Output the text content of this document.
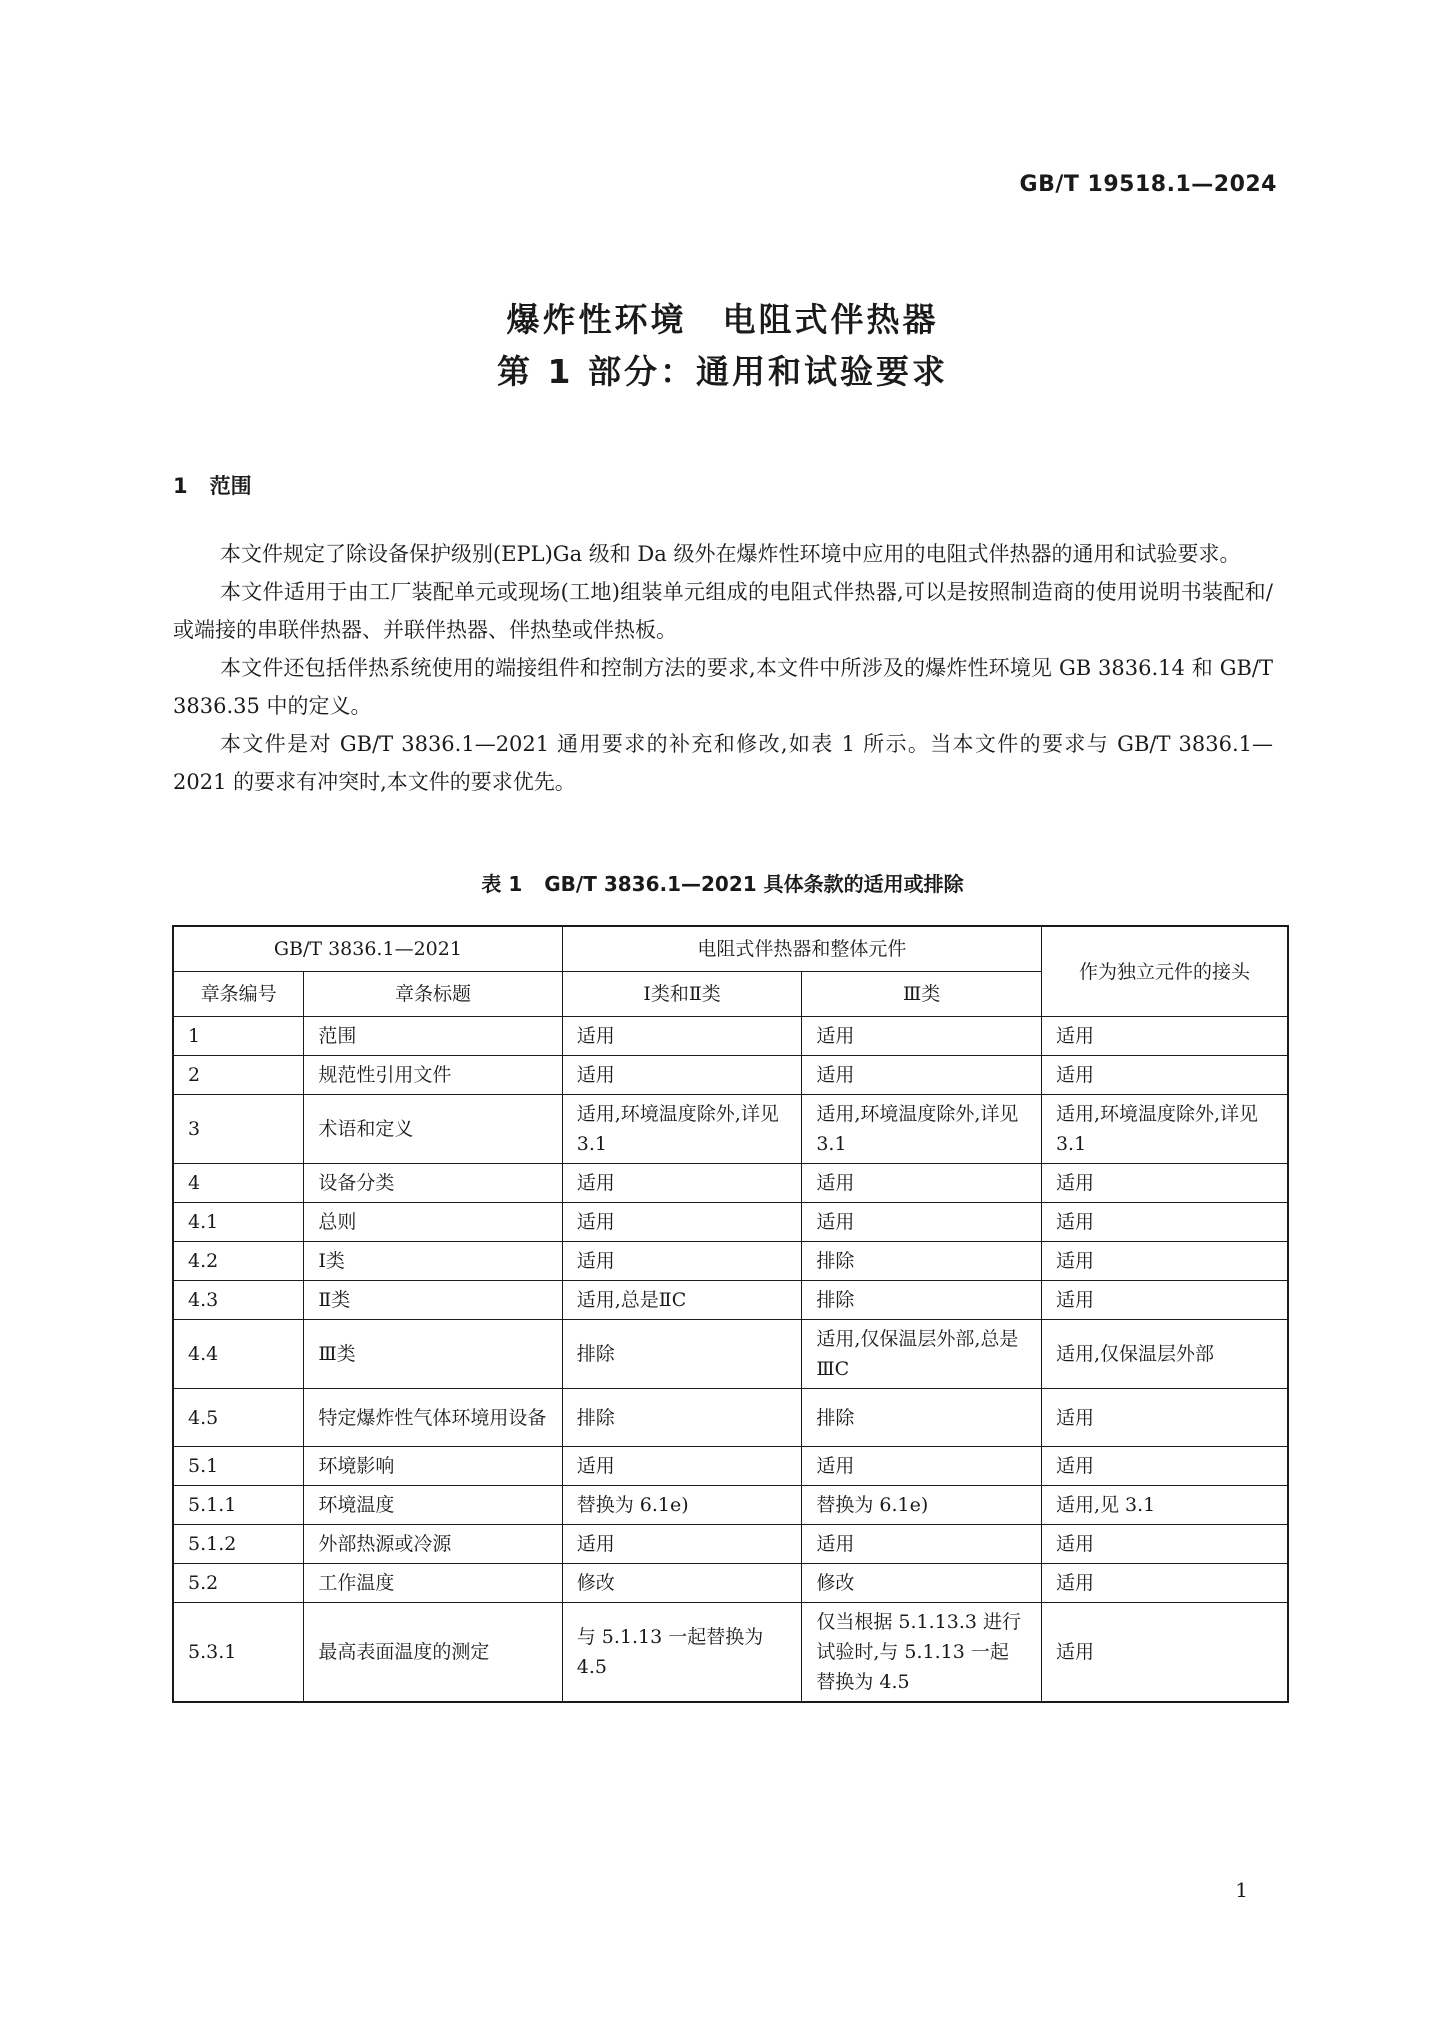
GB/T 19518.1—2024
爆炸性环境　电阻式伴热器
第 1 部分：通用和试验要求
1 范围

本文件规定了除设备保护级别(EPL)Ga 级和 Da 级外在爆炸性环境中应用的电阻式伴热器的通用和试验要求。

本文件适用于由工厂装配单元或现场(工地)组装单元组成的电阻式伴热器,可以是按照制造商的使用说明书装配和/或端接的串联伴热器、并联伴热器、伴热垫或伴热板。

本文件还包括伴热系统使用的端接组件和控制方法的要求,本文件中所涉及的爆炸性环境见 GB 3836.14 和 GB/T 3836.35 中的定义。

本文件是对 GB/T 3836.1—2021 通用要求的补充和修改,如表 1 所示。当本文件的要求与 GB/T 3836.1—2021 的要求有冲突时,本文件的要求优先。

表 1 GB/T 3836.1—2021 具体条款的适用或排除
GB/T 3836.1—2021		电阻式伴热器和整体元件		作为独立元件的接头
章条编号	章条标题	Ⅰ类和Ⅱ类	Ⅲ类	
1	范围	适用	适用	适用
2	规范性引用文件	适用	适用	适用
3	术语和定义	适用,环境温度除外,详见 3.1	适用,环境温度除外,详见 3.1	适用,环境温度除外,详见 3.1
4	设备分类	适用	适用	适用
4.1	总则	适用	适用	适用
4.2	Ⅰ类	适用	排除	适用
4.3	Ⅱ类	适用,总是ⅡC	排除	适用
4.4	Ⅲ类	排除	适用,仅保温层外部,总是ⅢC	适用,仅保温层外部
4.5	特定爆炸性气体环境用设备	排除	排除	适用
5.1	环境影响	适用	适用	适用
5.1.1	环境温度	替换为 6.1e)	替换为 6.1e)	适用,见 3.1
5.1.2	外部热源或冷源	适用	适用	适用
5.2	工作温度	修改	修改	适用
5.3.1	最高表面温度的测定	与 5.1.13 一起替换为 4.5	仅当根据 5.1.13.3 进行试验时,与 5.1.13 一起替换为 4.5	适用
1
